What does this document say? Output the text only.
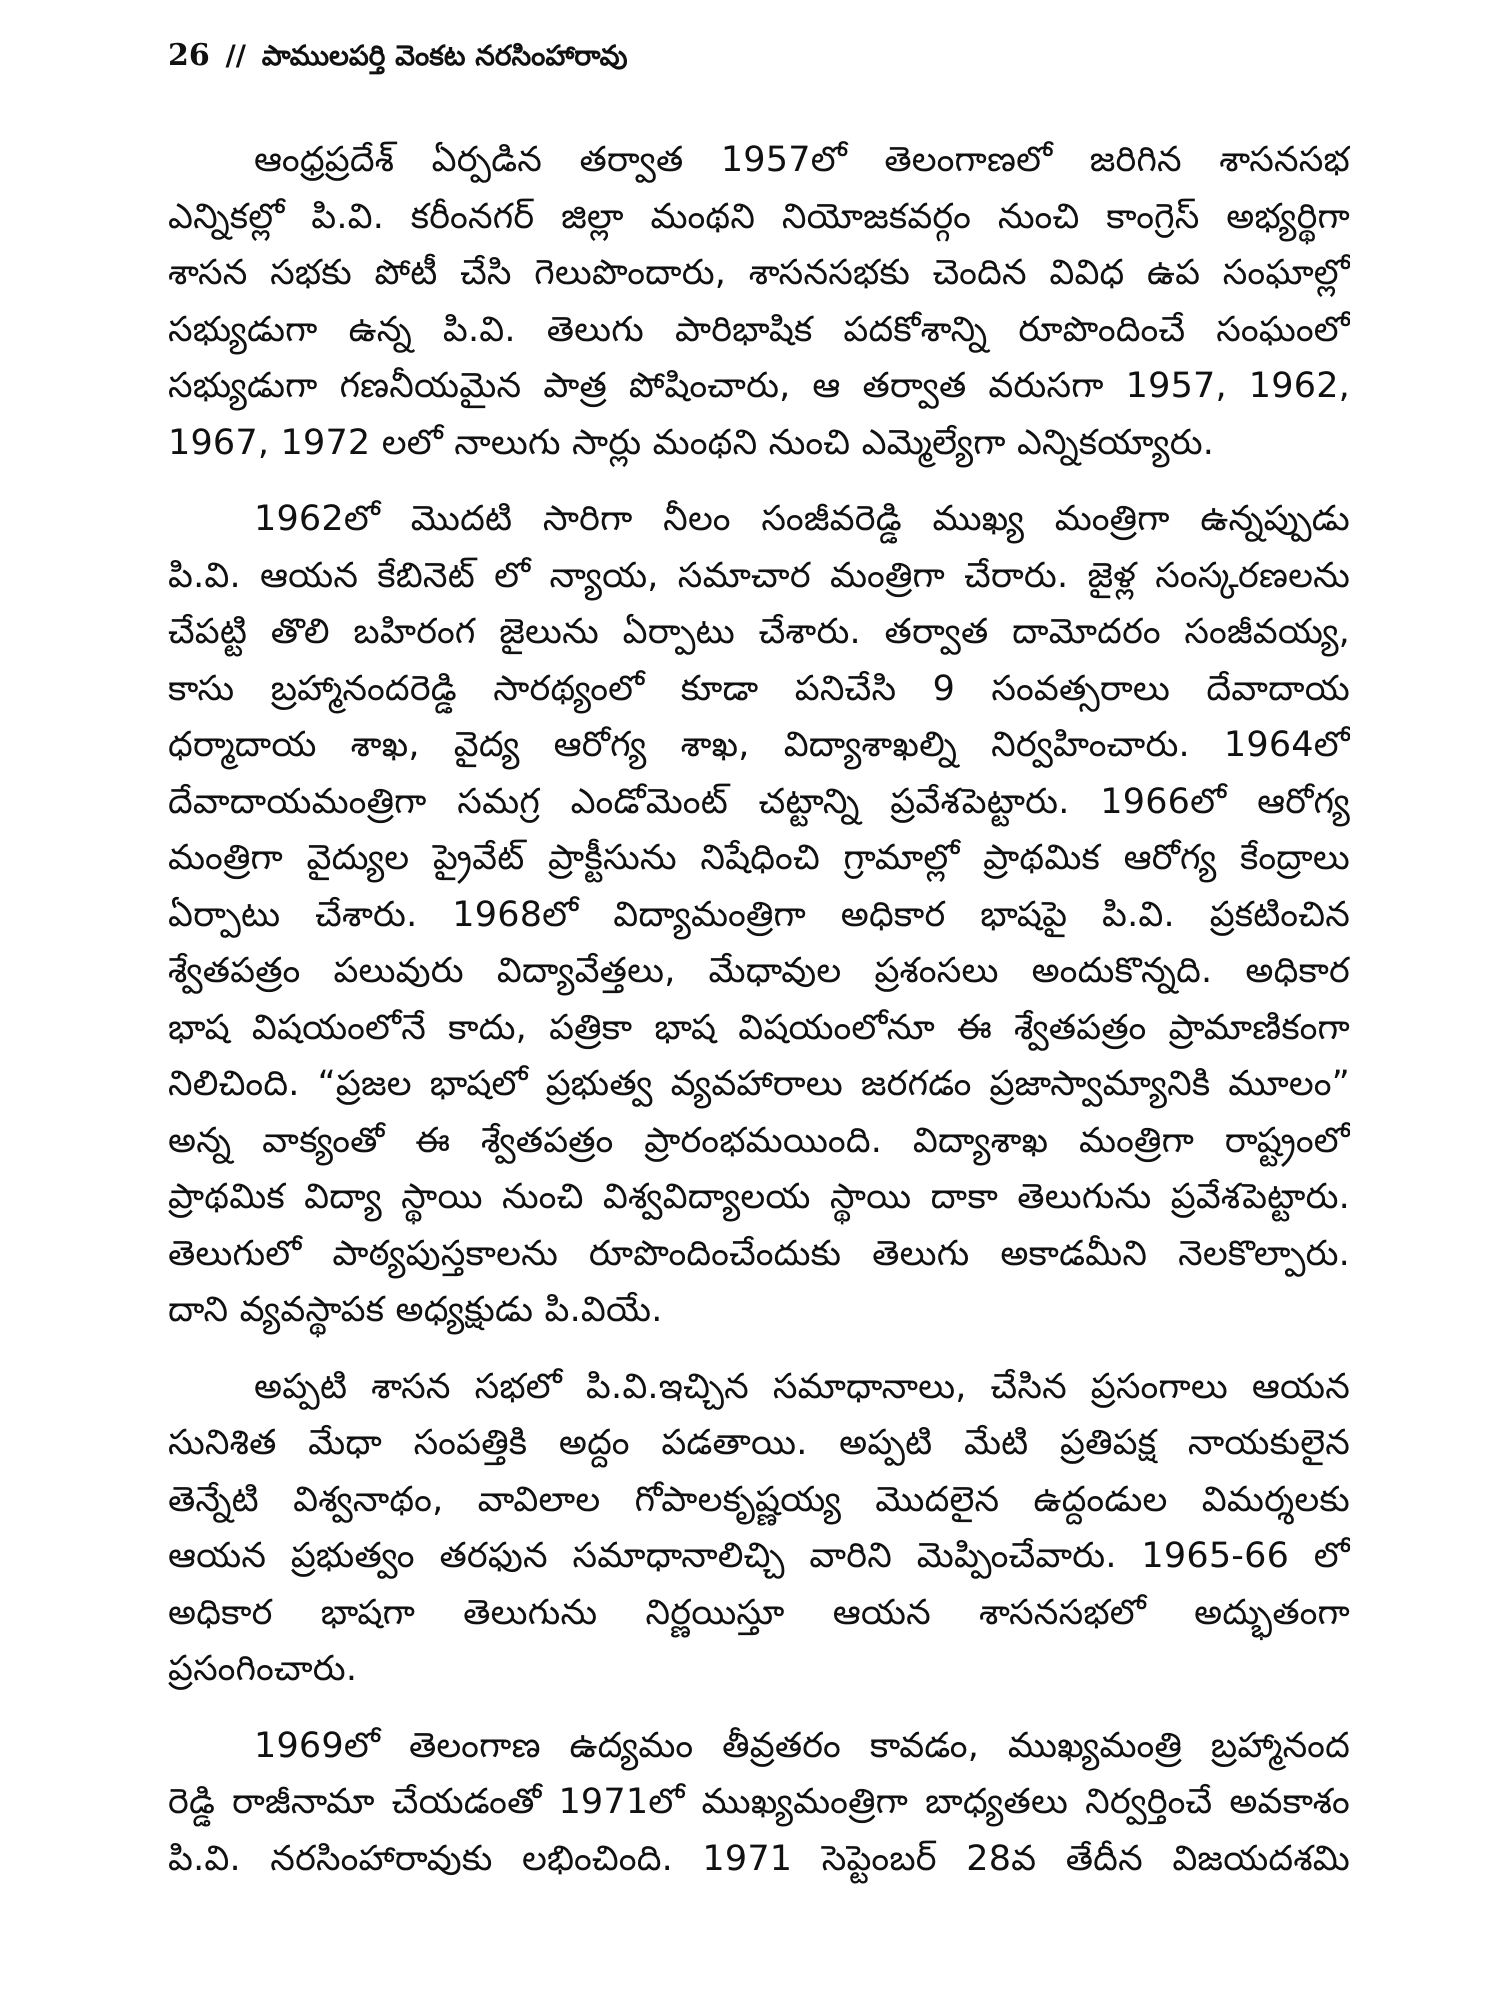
26 // పాములపర్తి వెంకట నరసింహారావు
ఆంధ్రప్రదేశ్ ఏర్పడిన తర్వాత 1957లో తెలంగాణలో జరిగిన శాసనసభ
ఎన్నికల్లో పి.వి. కరీంనగర్ జిల్లా మంథని నియోజకవర్గం నుంచి కాంగ్రెస్ అభ్యర్థిగా
శాసన సభకు పోటీ చేసి గెలుపొందారు, శాసనసభకు చెందిన వివిధ ఉప సంఘాల్లో
సభ్యుడుగా ఉన్న పి.వి. తెలుగు పారిభాషిక పదకోశాన్ని రూపొందించే సంఘంలో
సభ్యుడుగా గణనీయమైన పాత్ర పోషించారు, ఆ తర్వాత వరుసగా 1957, 1962,
1967, 1972 లలో నాలుగు సార్లు మంథని నుంచి ఎమ్మెల్యేగా ఎన్నికయ్యారు.
1962లో మొదటి సారిగా నీలం సంజీవరెడ్డి ముఖ్య మంత్రిగా ఉన్నప్పుడు
పి.వి. ఆయన కేబినెట్ లో న్యాయ, సమాచార మంత్రిగా చేరారు. జైళ్ల సంస్కరణలను
చేపట్టి తొలి బహిరంగ జైలును ఏర్పాటు చేశారు. తర్వాత దామోదరం సంజీవయ్య,
కాసు బ్రహ్మానందరెడ్డి సారథ్యంలో కూడా పనిచేసి 9 సంవత్సరాలు దేవాదాయ
ధర్మాదాయ శాఖ, వైద్య ఆరోగ్య శాఖ, విద్యాశాఖల్ని నిర్వహించారు. 1964లో
దేవాదాయమంత్రిగా సమగ్ర ఎండోమెంట్ చట్టాన్ని ప్రవేశపెట్టారు. 1966లో ఆరోగ్య
మంత్రిగా వైద్యుల ప్రైవేట్ ప్రాక్టీసును నిషేధించి గ్రామాల్లో ప్రాథమిక ఆరోగ్య కేంద్రాలు
ఏర్పాటు చేశారు. 1968లో విద్యామంత్రిగా అధికార భాషపై పి.వి. ప్రకటించిన
శ్వేతపత్రం పలువురు విద్యావేత్తలు, మేధావుల ప్రశంసలు అందుకొన్నది. అధికార
భాష విషయంలోనే కాదు, పత్రికా భాష విషయంలోనూ ఈ శ్వేతపత్రం ప్రామాణికంగా
నిలిచింది. “ప్రజల భాషలో ప్రభుత్వ వ్యవహారాలు జరగడం ప్రజాస్వామ్యానికి మూలం”
అన్న వాక్యంతో ఈ శ్వేతపత్రం ప్రారంభమయింది. విద్యాశాఖ మంత్రిగా రాష్ట్రంలో
ప్రాథమిక విద్యా స్థాయి నుంచి విశ్వవిద్యాలయ స్థాయి దాకా తెలుగును ప్రవేశపెట్టారు.
తెలుగులో పాఠ్యపుస్తకాలను రూపొందించేందుకు తెలుగు అకాడమీని నెలకొల్పారు.
దాని వ్యవస్థాపక అధ్యక్షుడు పి.వియే.
అప్పటి శాసన సభలో పి.వి.ఇచ్చిన సమాధానాలు, చేసిన ప్రసంగాలు ఆయన
సునిశిత మేధా సంపత్తికి అద్దం పడతాయి. అప్పటి మేటి ప్రతిపక్ష నాయకులైన
తెన్నేటి విశ్వనాథం, వావిలాల గోపాలకృష్ణయ్య మొదలైన ఉద్దండుల విమర్శలకు
ఆయన ప్రభుత్వం తరఫున సమాధానాలిచ్చి వారిని మెప్పించేవారు. 1965-66 లో
అధికార భాషగా తెలుగును నిర్ణయిస్తూ ఆయన శాసనసభలో అద్భుతంగా
ప్రసంగించారు.
1969లో తెలంగాణ ఉద్యమం తీవ్రతరం కావడం, ముఖ్యమంత్రి బ్రహ్మానంద
రెడ్డి రాజీనామా చేయడంతో 1971లో ముఖ్యమంత్రిగా బాధ్యతలు నిర్వర్తించే అవకాశం
పి.వి. నరసింహారావుకు లభించింది. 1971 సెప్టెంబర్ 28వ తేదీన విజయదశమి
